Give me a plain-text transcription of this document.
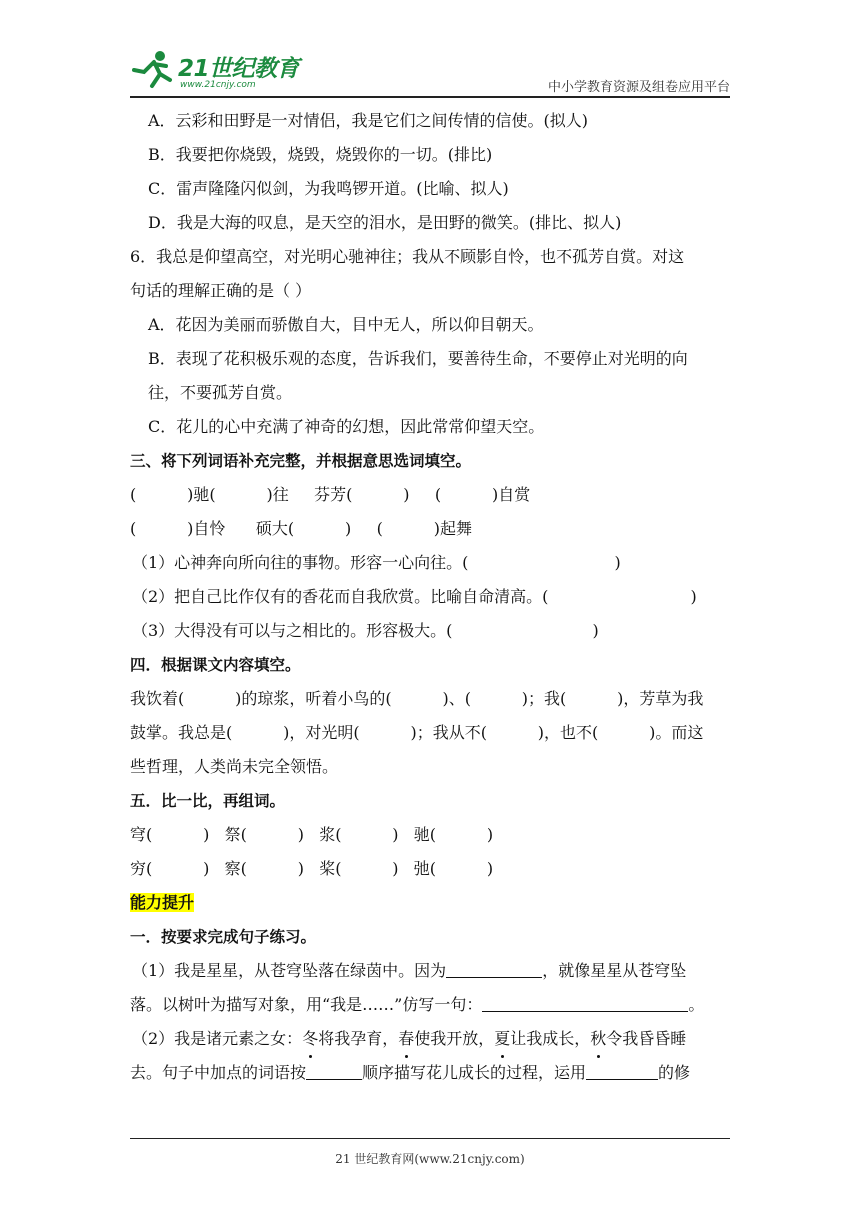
21世纪教育
www.21cnjy.com	中小学教育资源及组卷应用平台
A．云彩和田野是一对情侣，我是它们之间传情的信使。(拟人)
B．我要把你烧毁，烧毁，烧毁你的一切。(排比)
C．雷声隆隆闪似剑，为我鸣锣开道。(比喻、拟人)
D．我是大海的叹息，是天空的泪水，是田野的微笑。(排比、拟人)
6．我总是仰望高空，对光明心驰神往；我从不顾影自怜，也不孤芳自赏。对这
句话的理解正确的是（ ）
A．花因为美丽而骄傲自大，目中无人，所以仰目朝天。
B．表现了花积极乐观的态度，告诉我们，要善待生命，不要停止对光明的向
往，不要孤芳自赏。
C．花儿的心中充满了神奇的幻想，因此常常仰望天空。
三、将下列词语补充完整，并根据意思选词填空。
(          )驰(          )往     芬芳(          )     (          )自赏
(          )自怜      硕大(          )     (          )起舞
（1）心神奔向所向往的事物。形容一心向往。(	)
（2）把自己比作仅有的香花而自我欣赏。比喻自命清高。(	)
（3）大得没有可以与之相比的。形容极大。(	)
四．根据课文内容填空。
我饮着(          )的琼浆，听着小鸟的(          )、(          )；我(          )，芳草为我
鼓掌。我总是(          )，对光明(          )；我从不(          )，也不(          )。而这
些哲理，人类尚未完全领悟。
五．比一比，再组词。
穹(          )   祭(          )   浆(          )   驰(          )
穷(          )   察(          )   桨(          )   弛(          )
能力提升
一．按要求完成句子练习。
（1）我是星星，从苍穹坠落在绿茵中。因为	，就像星星从苍穹坠
落。以树叶为描写对象，用“我是……”仿写一句：	。
（2）我是诸元素之女：冬将我孕育，春使我开放，夏让我成长，秋令我昏昏睡
去。句子中加点的词语按	顺序描写花儿成长的过程，运用	的修
21 世纪教育网(www.21cnjy.com)
